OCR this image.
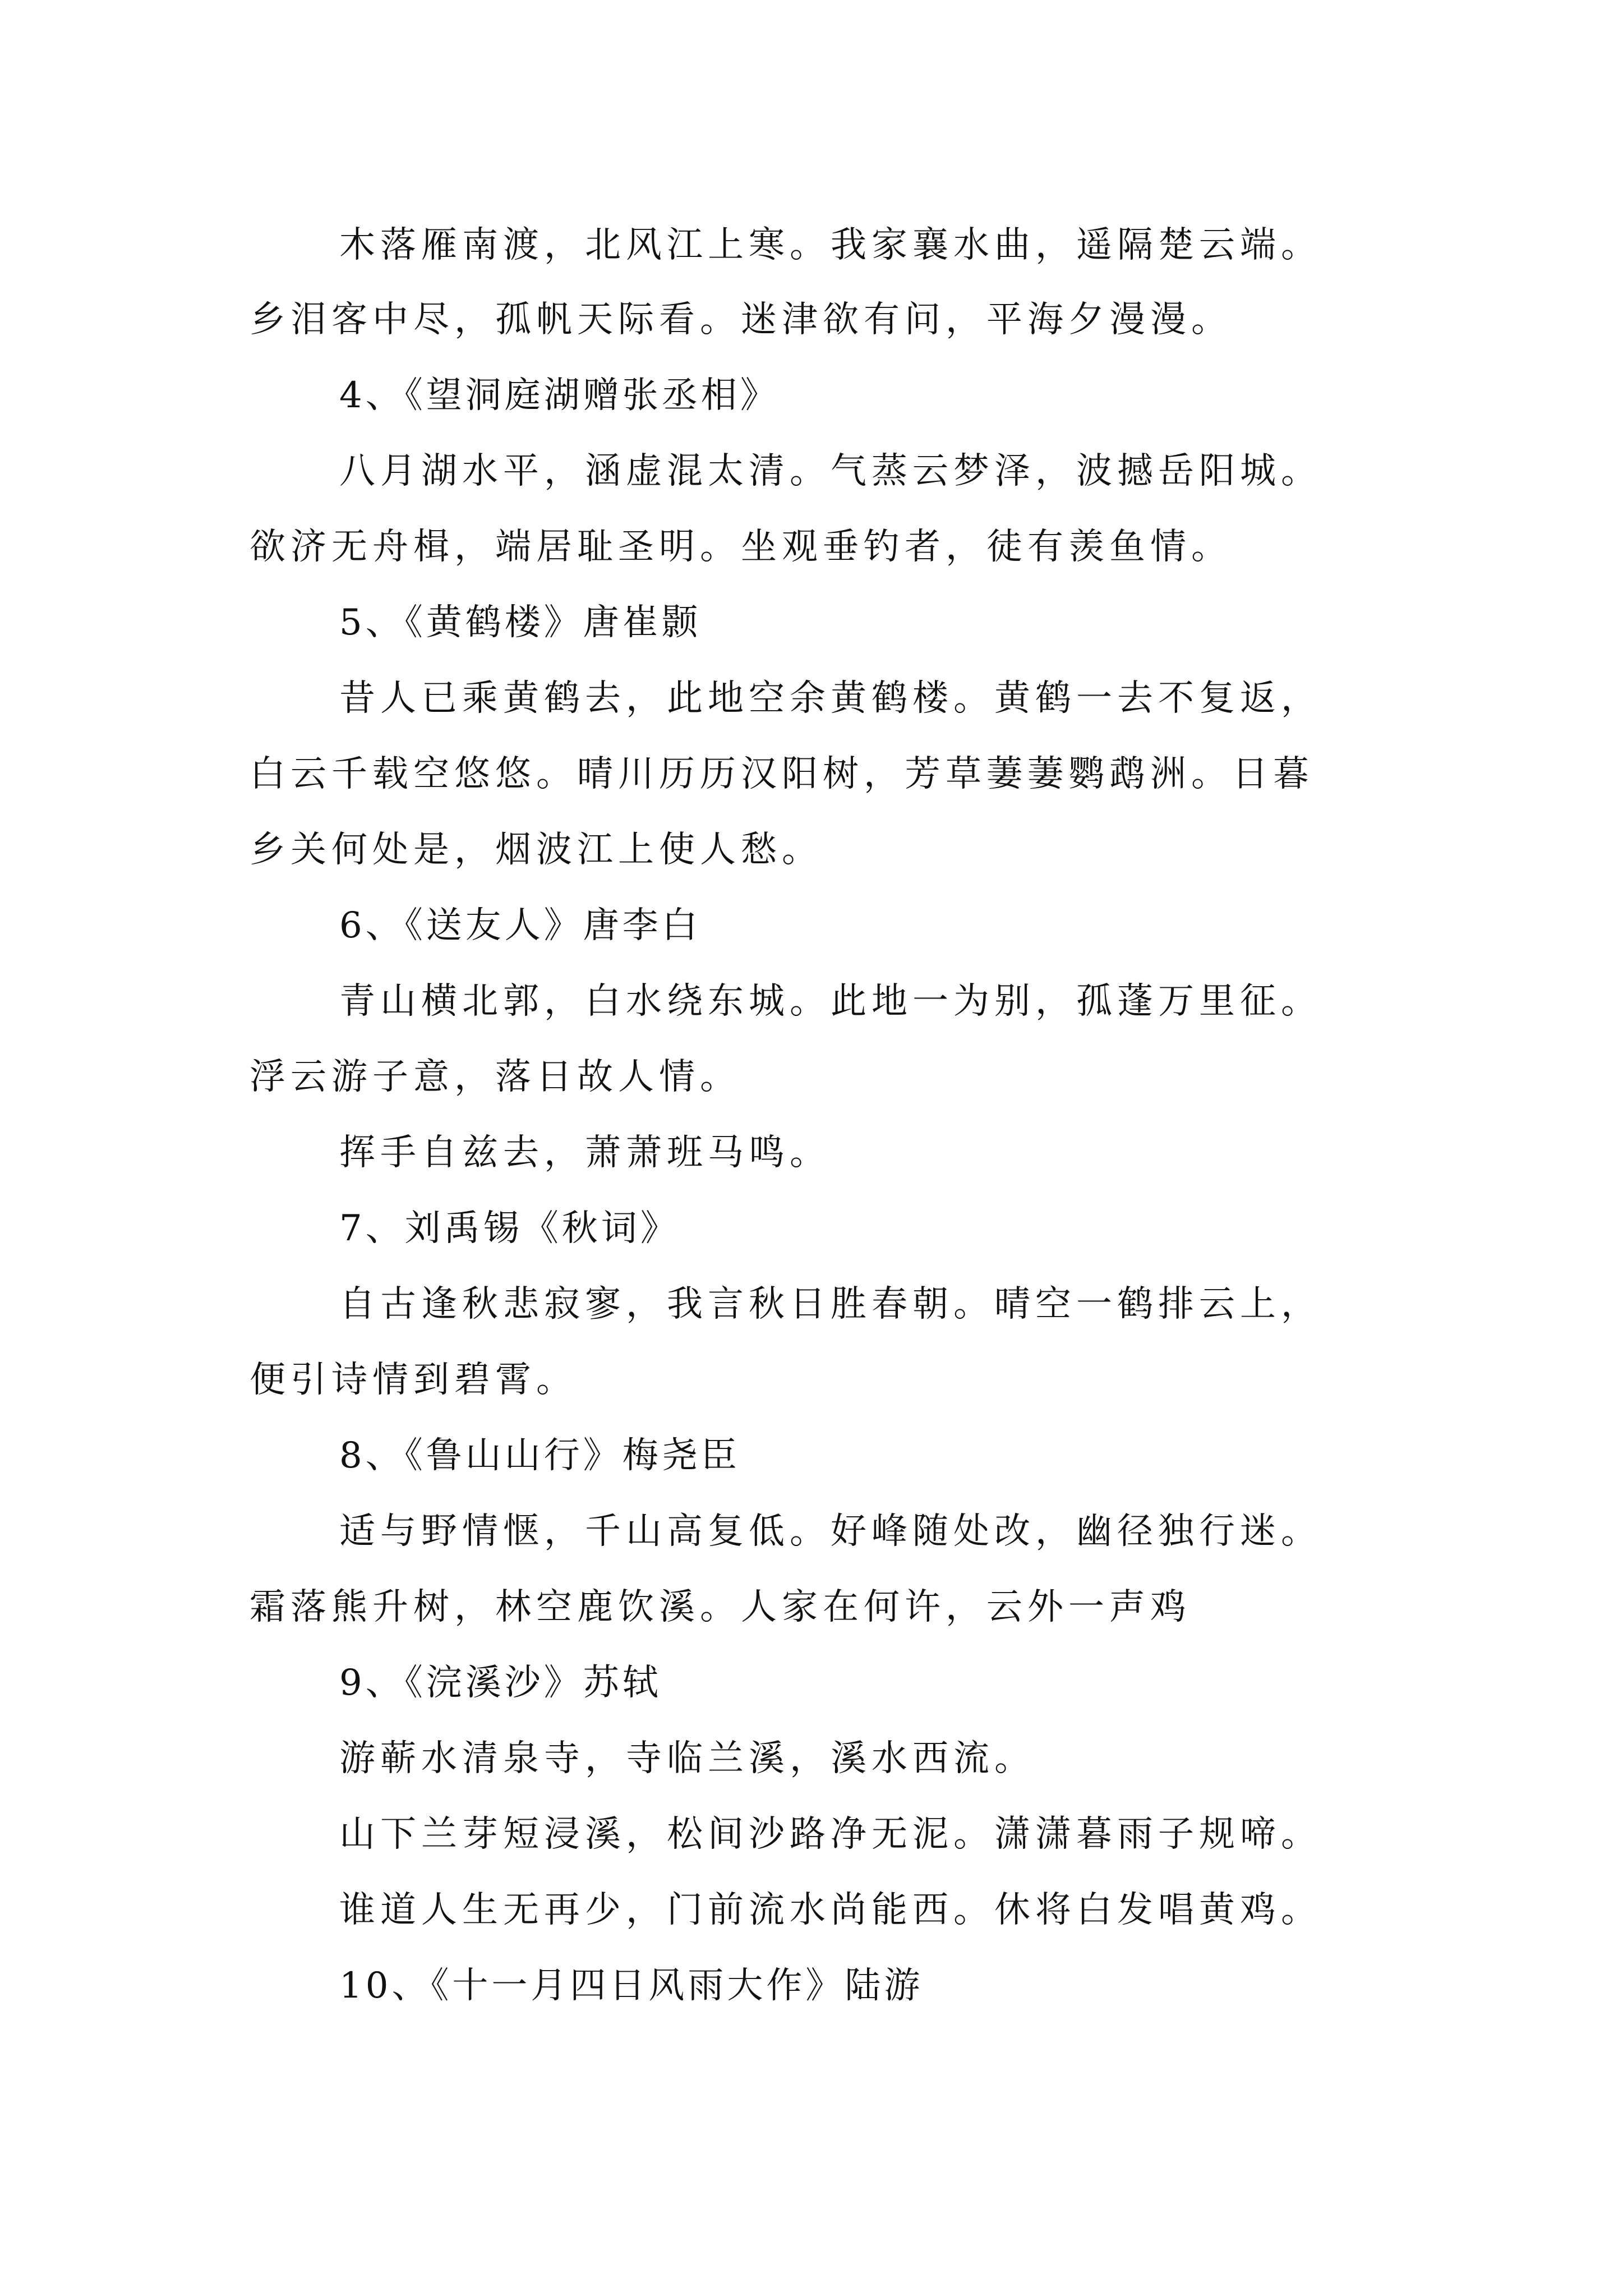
木落雁南渡，北风江上寒。我家襄水曲，遥隔楚云端。
乡泪客中尽，孤帆天际看。迷津欲有问，平海夕漫漫。
4、《望洞庭湖赠张丞相》
八月湖水平，涵虚混太清。气蒸云梦泽，波撼岳阳城。
欲济无舟楫，端居耻圣明。坐观垂钓者，徒有羡鱼情。
5、《黄鹤楼》唐崔颢
昔人已乘黄鹤去，此地空余黄鹤楼。黄鹤一去不复返，
白云千载空悠悠。晴川历历汉阳树，芳草萋萋鹦鹉洲。日暮
乡关何处是，烟波江上使人愁。
6、《送友人》唐李白
青山横北郭，白水绕东城。此地一为别，孤蓬万里征。
浮云游子意，落日故人情。
挥手自兹去，萧萧班马鸣。
7、刘禹锡《秋词》
自古逢秋悲寂寥，我言秋日胜春朝。晴空一鹤排云上，
便引诗情到碧霄。
8、《鲁山山行》梅尧臣
适与野情惬，千山高复低。好峰随处改，幽径独行迷。
霜落熊升树，林空鹿饮溪。人家在何许，云外一声鸡
9、《浣溪沙》苏轼
游蕲水清泉寺，寺临兰溪，溪水西流。
山下兰芽短浸溪，松间沙路净无泥。潇潇暮雨子规啼。
谁道人生无再少，门前流水尚能西。休将白发唱黄鸡。
10、《十一月四日风雨大作》陆游
